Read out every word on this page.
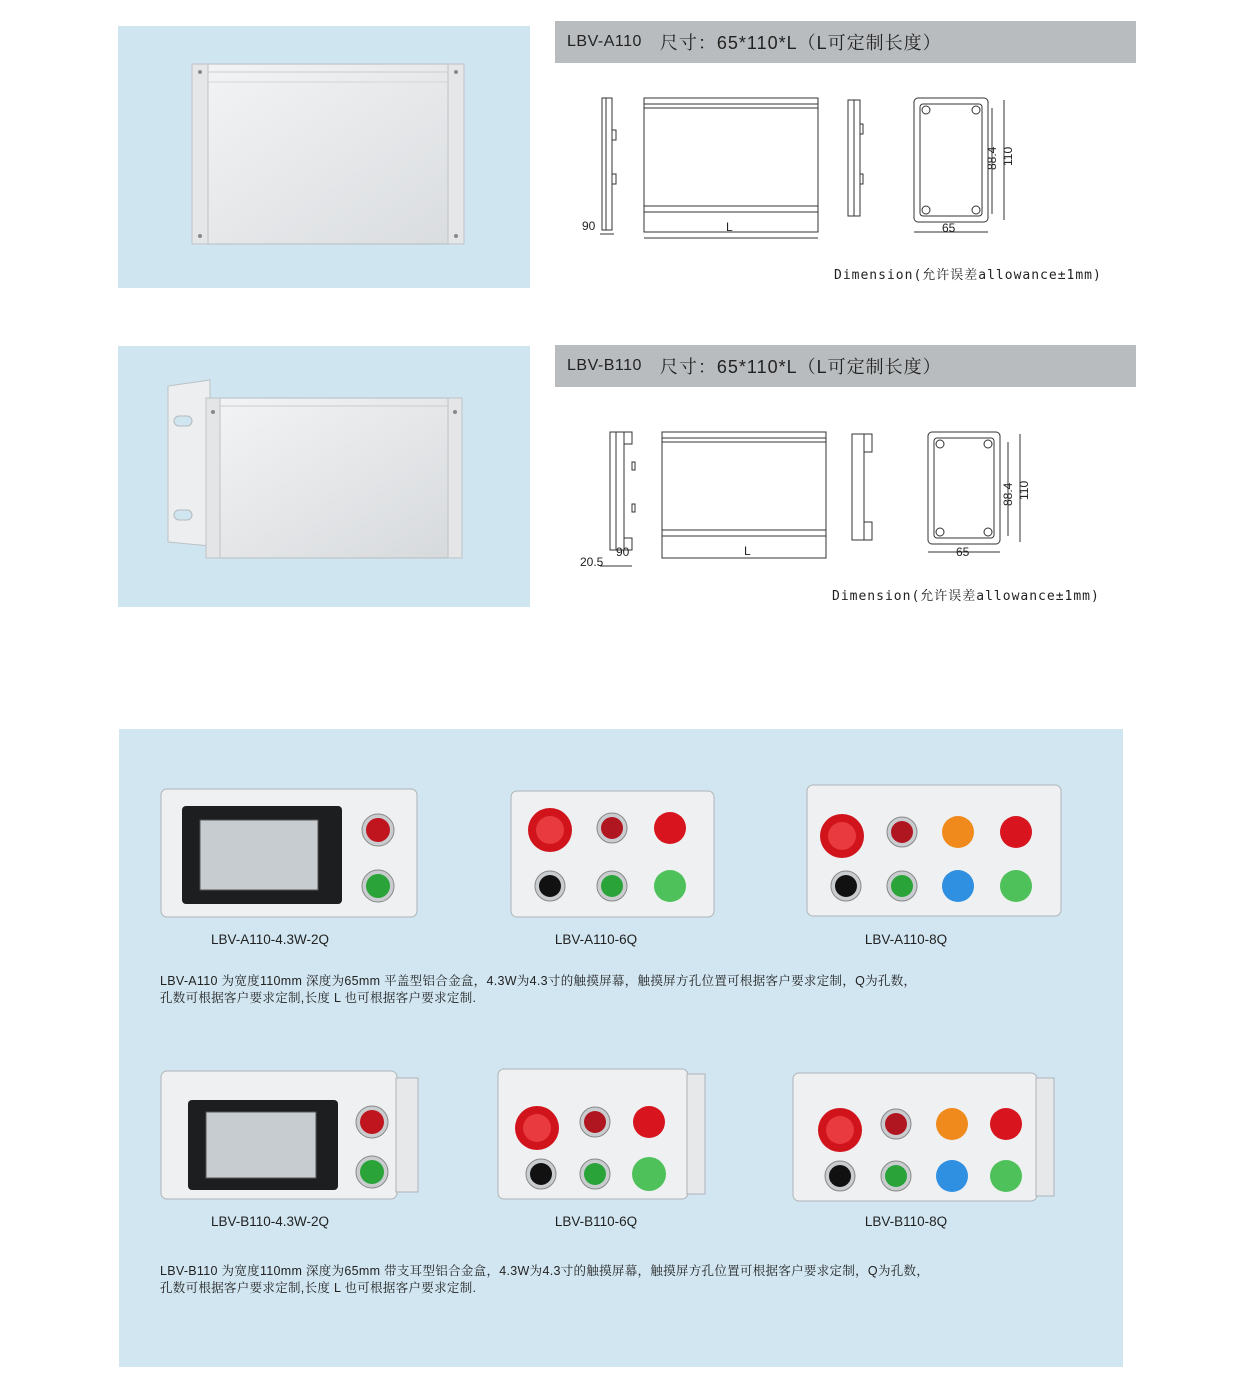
LBV-A110 尺寸：65*110*L（L可定制长度）
90	L	65
88.4 110
Dimension(允许误差allowance±1mm)
LBV-B110 尺寸：65*110*L（L可定制长度）
20.5
90	L	65
88.4 110
Dimension(允许误差allowance±1mm)
LBV-A110-4.3W-2Q	LBV-A110-6Q	LBV-A110-8Q
LBV-A110 为宽度110mm 深度为65mm 平盖型铝合金盒，4.3W为4.3寸的触摸屏幕，触摸屏方孔位置可根据客户要求定制，Q为孔数，
孔数可根据客户要求定制,长度 L 也可根据客户要求定制.
LBV-B110-4.3W-2Q	LBV-B110-6Q	LBV-B110-8Q
LBV-B110 为宽度110mm 深度为65mm 带支耳型铝合金盒，4.3W为4.3寸的触摸屏幕，触摸屏方孔位置可根据客户要求定制，Q为孔数，
孔数可根据客户要求定制,长度 L 也可根据客户要求定制.
